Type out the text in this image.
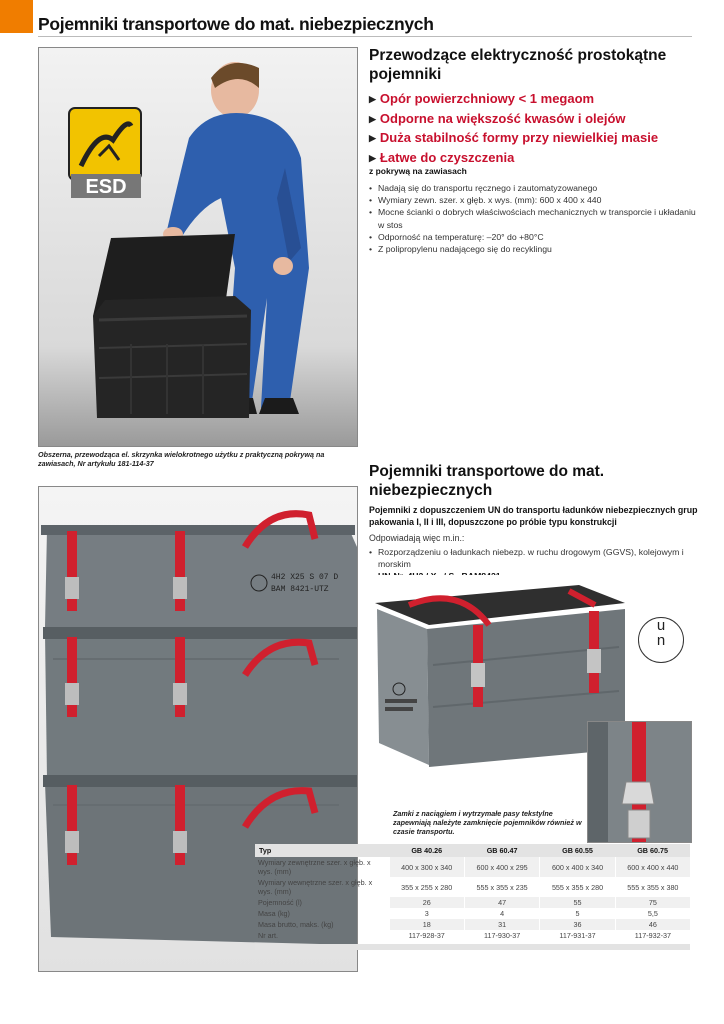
Pojemniki transportowe do mat. niebezpiecznych
ESD
Obszerna, przewodząca el. skrzynka wielokrotnego użytku z praktyczną pokrywą na zawiasach, Nr artykułu 181-114-37
Przewodzące elektryczność prostokątne pojemniki
▶ Opór powierzchniowy < 1 megaom
▶ Odporne na większość kwasów i olejów
▶ Duża stabilność formy przy niewielkiej masie
▶ Łatwe do czyszczenia
z pokrywą na zawiasach
• Nadają się do transportu ręcznego i zautomatyzowanego
• Wymiary zewn. szer. x głęb. x wys. (mm): 600 x 400 x 440
• Mocne ścianki o dobrych właściwościach mechanicznych w transporcie i układaniu w stos
• Odporność na temperaturę: –20° do +80°C
• Z polipropylenu nadającego się do recyklingu
4H2 X25 S 07 D
BAM 8421-UTZ
Pojemniki transportowe do mat. niebezpiecznych
Pojemniki z dopuszczeniem UN do transportu ładunków niebezpiecznych grup pakowania I, II i III, dopuszczone po próbie typu konstrukcji
Odpowiadają więc m.in.:
• Rozporządzeniu o ładunkach niebezp. w ruchu drogowym (GGVS), kolejowym i morskim
•
u
n
Zamki z naciągiem i wytrzymałe pasy tekstylne zapewniają należyte zamknięcie pojemników również w czasie transportu.
Typ	GB 40.26	GB 60.47	GB 60.55	GB 60.75
Wymiary zewnętrzne szer. x głęb. x wys. (mm)	400 x 300 x 340	600 x 400 x 295	600 x 400 x 340	600 x 400 x 440
Wymiary wewnętrzne szer. x głęb. x wys. (mm)	355 x 255 x 280	555 x 355 x 235	555 x 355 x 280	555 x 355 x 380
Pojemność (l)	26	47	55	75
Masa (kg)	3	4	5	5,5
Masa brutto, maks. (kg)	18	31	36	46
Nr art.	117-928-37	117-930-37	117-931-37	117-932-37
